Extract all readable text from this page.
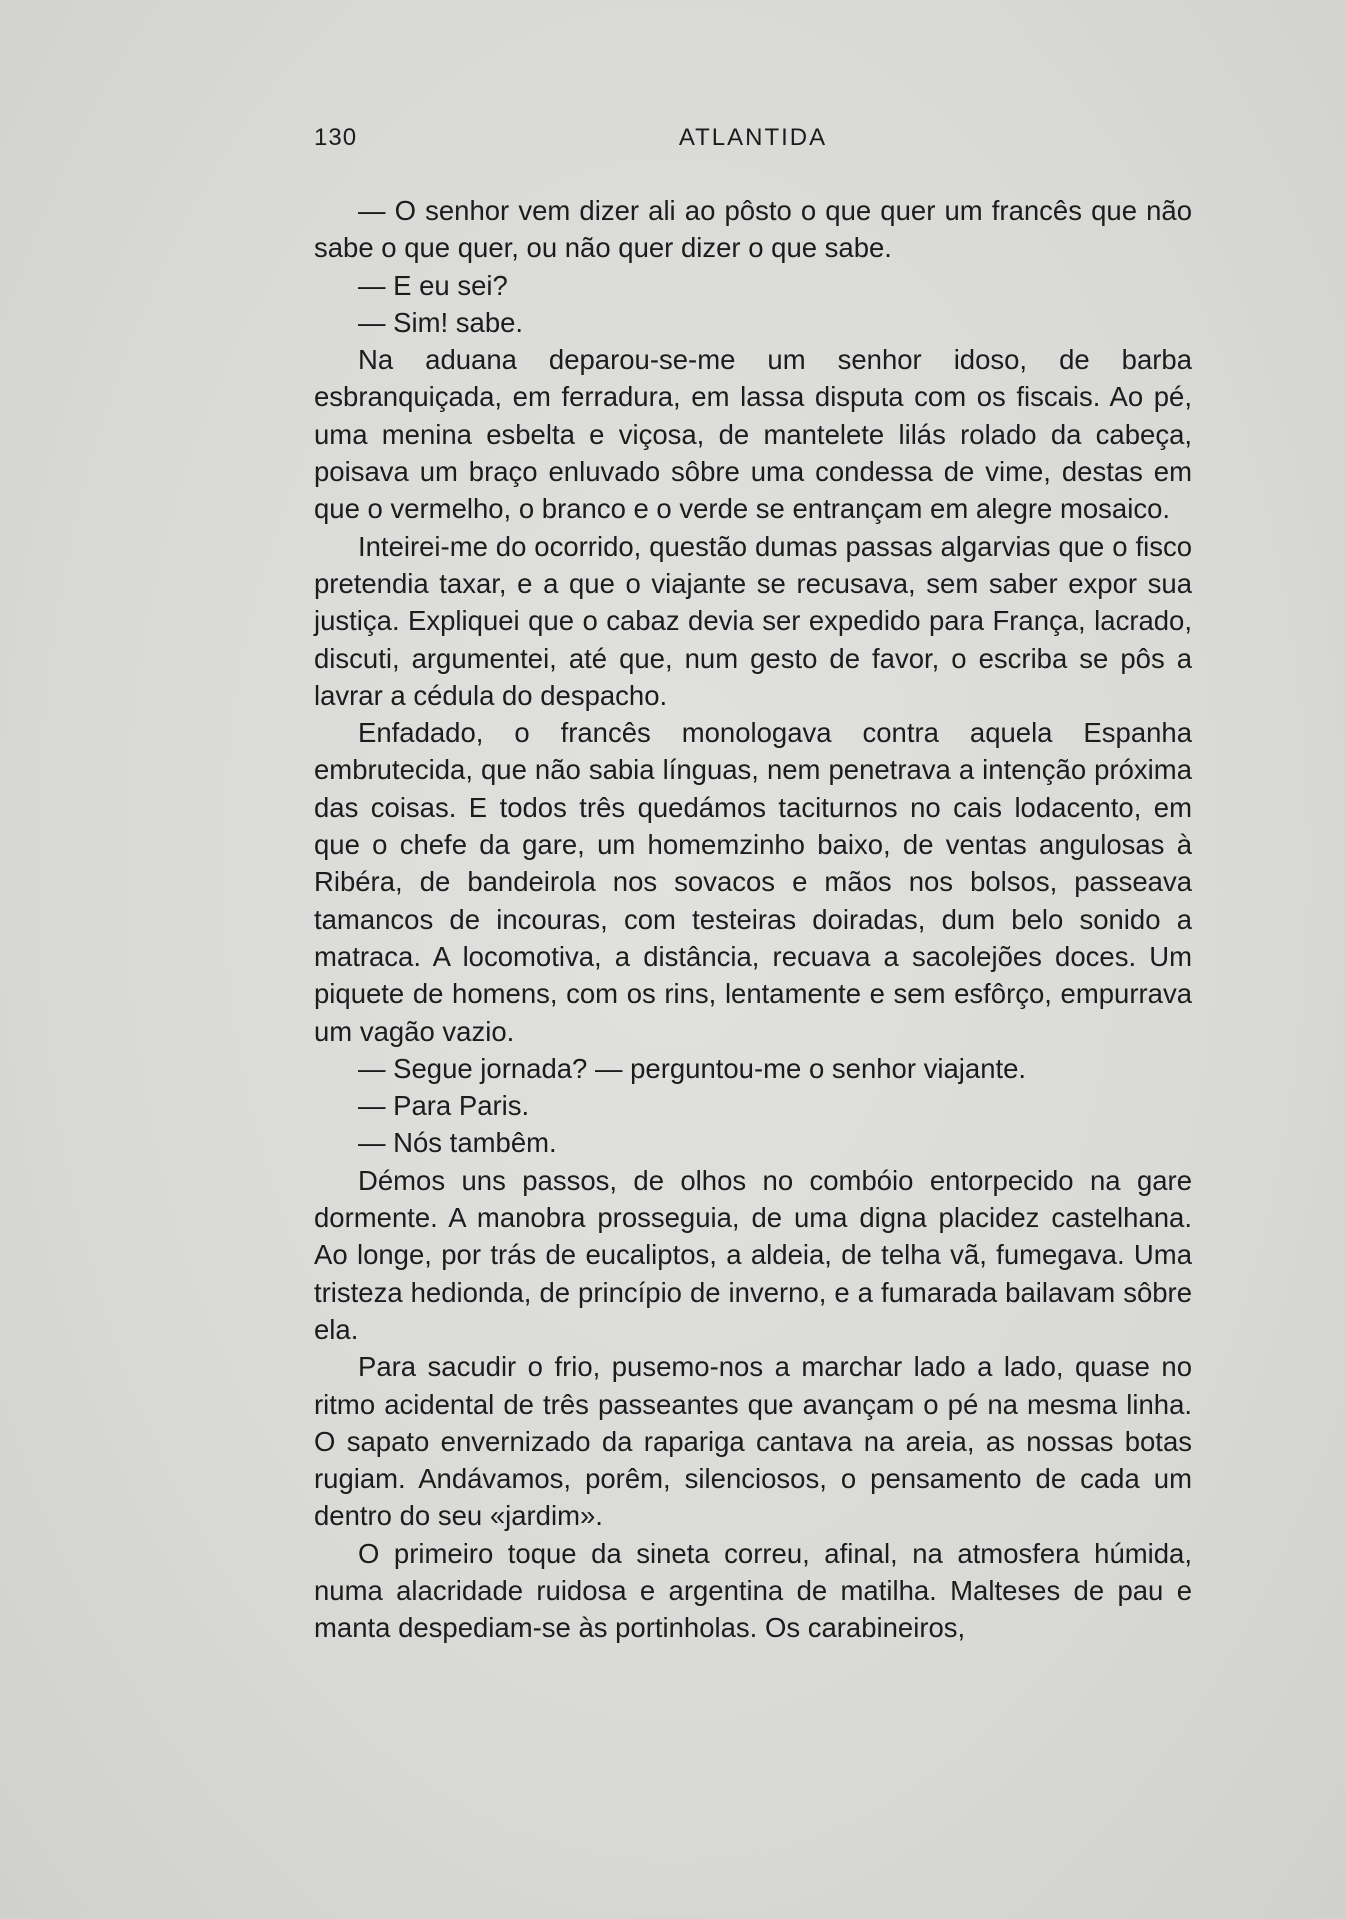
130	ATLANTIDA

— O senhor vem dizer ali ao pôsto o que quer um francês que não sabe o que quer, ou não quer dizer o que sabe.

— E eu sei?

— Sim! sabe.

Na aduana deparou-se-me um senhor idoso, de barba esbranquiçada, em ferradura, em lassa disputa com os fiscais. Ao pé, uma menina esbelta e viçosa, de mantelete lilás rolado da cabeça, poisava um braço enluvado sôbre uma condessa de vime, destas em que o vermelho, o branco e o verde se entrançam em alegre mosaico.

Inteirei-me do ocorrido, questão dumas passas algarvias que o fisco pretendia taxar, e a que o viajante se recusava, sem saber expor sua justiça. Expliquei que o cabaz devia ser expedido para França, lacrado, discuti, argumentei, até que, num gesto de favor, o escriba se pôs a lavrar a cédula do despacho.

Enfadado, o francês monologava contra aquela Espanha embrutecida, que não sabia línguas, nem penetrava a intenção próxima das coisas. E todos três quedámos taciturnos no cais lodacento, em que o chefe da gare, um homemzinho baixo, de ventas angulosas à Ribéra, de bandeirola nos sovacos e mãos nos bolsos, passeava tamancos de incouras, com testeiras doiradas, dum belo sonido a matraca. A locomotiva, a distância, recuava a sacolejões doces. Um piquete de homens, com os rins, lentamente e sem esfôrço, empurrava um vagão vazio.

— Segue jornada? — perguntou-me o senhor viajante.

— Para Paris.

— Nós tambêm.

Démos uns passos, de olhos no combóio entorpecido na gare dormente. A manobra prosseguia, de uma digna placidez castelhana. Ao longe, por trás de eucaliptos, a aldeia, de telha vã, fumegava. Uma tristeza hedionda, de princípio de inverno, e a fumarada bailavam sôbre ela.

Para sacudir o frio, pusemo-nos a marchar lado a lado, quase no ritmo acidental de três passeantes que avançam o pé na mesma linha. O sapato envernizado da rapariga cantava na areia, as nossas botas rugiam. Andávamos, porêm, silenciosos, o pensamento de cada um dentro do seu «jardim».

O primeiro toque da sineta correu, afinal, na atmosfera húmida, numa alacridade ruidosa e argentina de matilha. Malteses de pau e manta despediam-se às portinholas. Os carabineiros,
